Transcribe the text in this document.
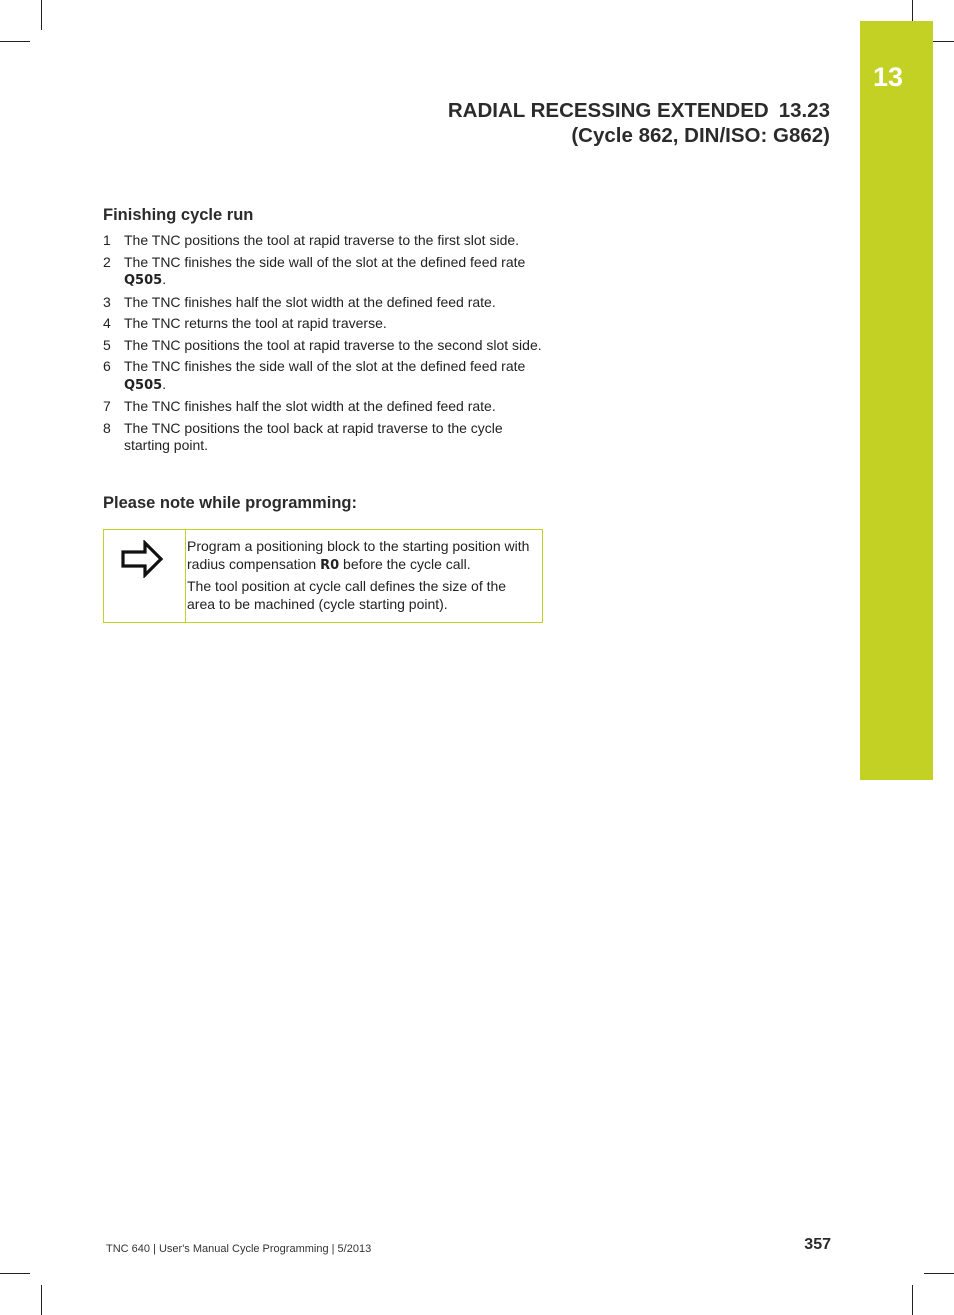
13
RADIAL RECESSING EXTENDED 13.23
(Cycle 862, DIN/ISO: G862)
Finishing cycle run
1 The TNC positions the tool at rapid traverse to the first slot side.
2 The TNC finishes the side wall of the slot at the defined feed rate Q505.
3 The TNC finishes half the slot width at the defined feed rate.
4 The TNC returns the tool at rapid traverse.
5 The TNC positions the tool at rapid traverse to the second slot side.
6 The TNC finishes the side wall of the slot at the defined feed rate Q505.
7 The TNC finishes half the slot width at the defined feed rate.
8 The TNC positions the tool back at rapid traverse to the cycle starting point.
Please note while programming:

Program a positioning block to the starting position with radius compensation R0 before the cycle call.

The tool position at cycle call defines the size of the area to be machined (cycle starting point).

TNC 640 | User's Manual Cycle Programming | 5/2013	357
